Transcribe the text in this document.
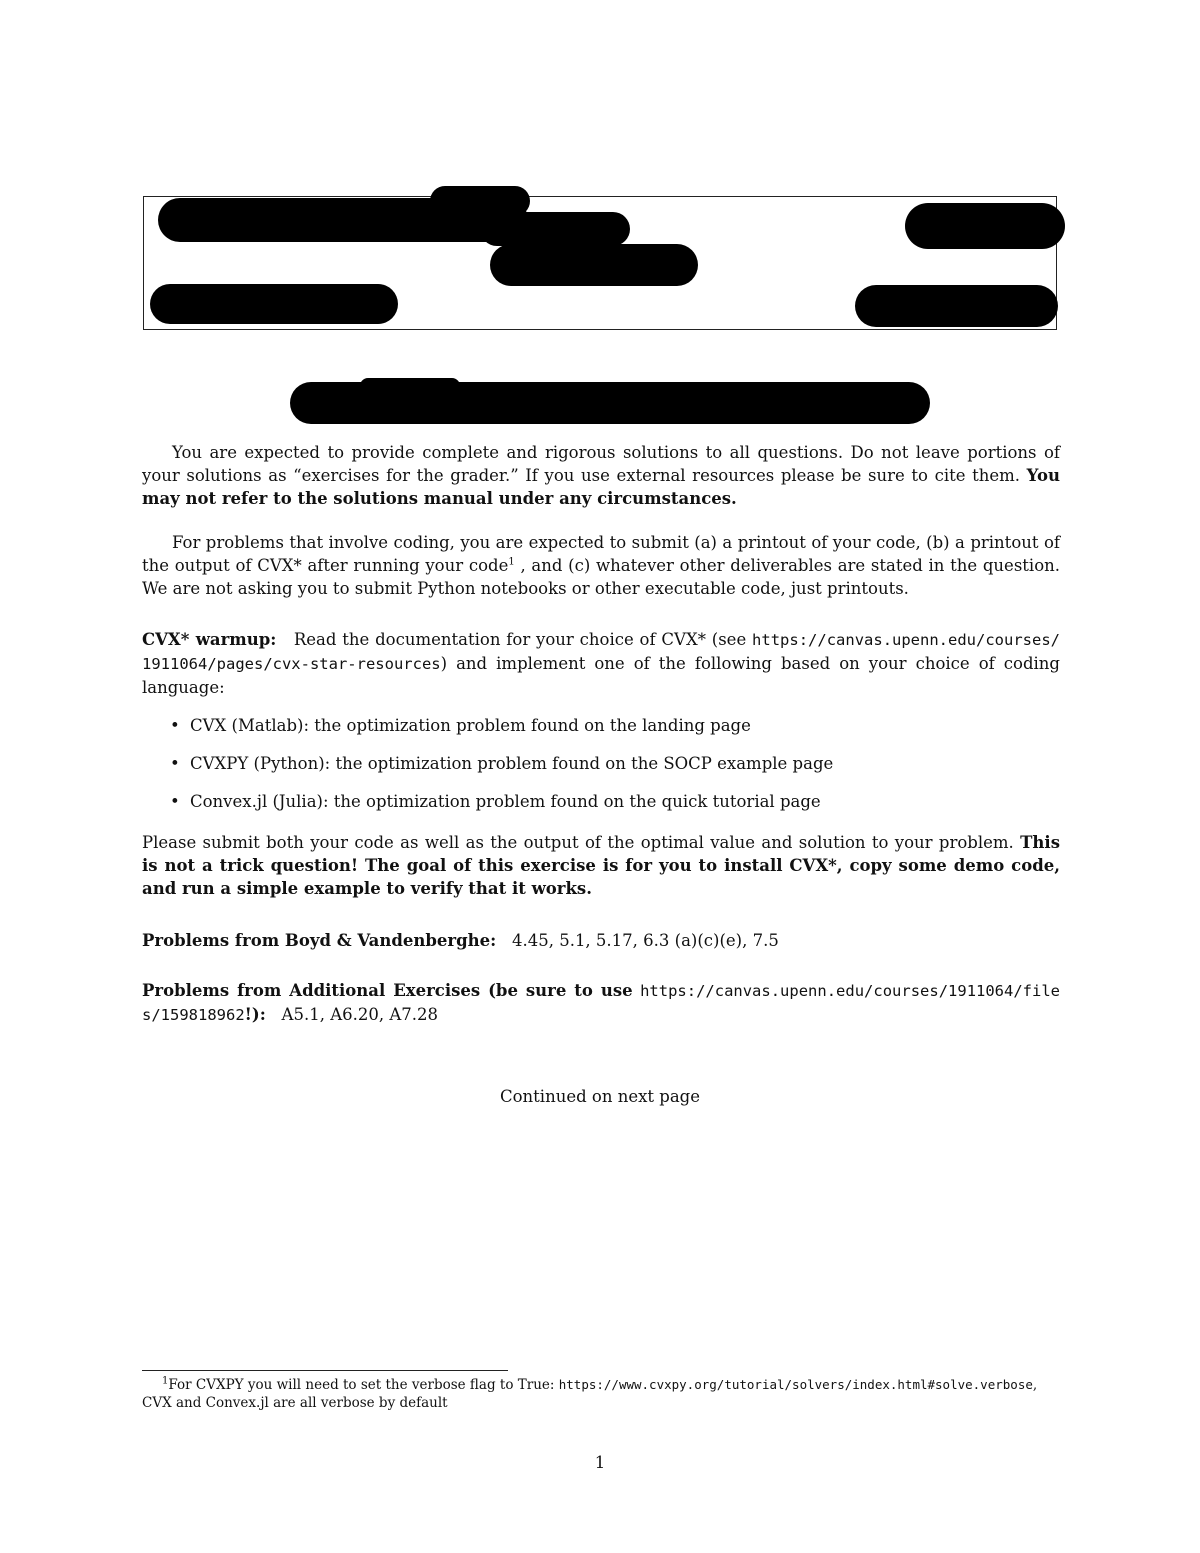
You are expected to provide complete and rigorous solutions to all questions. Do not leave portions of your solutions as “exercises for the grader.” If you use external resources please be sure to cite them. You may not refer to the solutions manual under any circumstances.

For problems that involve coding, you are expected to submit (a) a printout of your code, (b) a printout of the output of CVX* after running your code$^1$ , and (c) whatever other deliverables are stated in the question. We are not asking you to submit Python notebooks or other executable code, just printouts.

CVX* warmup: Read the documentation for your choice of CVX* (see https://canvas.upenn.edu/courses/1911064/pages/cvx-star-resources) and implement one of the following based on your choice of coding language:

• CVX (Matlab): the optimization problem found on the landing page
• CVXPY (Python): the optimization problem found on the SOCP example page
• Convex.jl (Julia): the optimization problem found on the quick tutorial page

Please submit both your code as well as the output of the optimal value and solution to your problem. This is not a trick question! The goal of this exercise is for you to install CVX*, copy some demo code, and run a simple example to verify that it works.

Problems from Boyd & Vandenberghe: 4.45, 5.1, 5.17, 6.3 (a)(c)(e), 7.5

Problems from Additional Exercises (be sure to use https://canvas.upenn.edu/courses/1911064/files/159818962!): A5.1, A6.20, A7.28

Continued on next page
$^1$For CVXPY you will need to set the verbose flag to True: https://www.cvxpy.org/tutorial/solvers/index.html#solve.verbose, CVX and Convex.jl are all verbose by default
1
